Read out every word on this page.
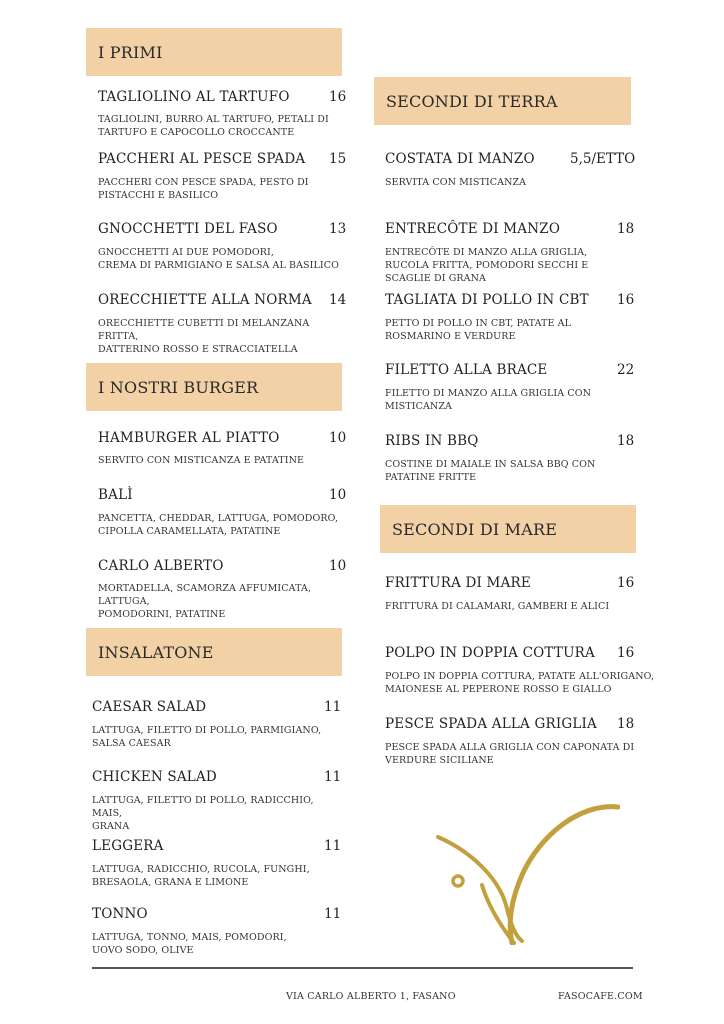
I PRIMI
SECONDI DI TERRA
I NOSTRI BURGER
SECONDI DI MARE
INSALATONE
TAGLIOLINO AL TARTUFO	16
TAGLIOLINI, BURRO AL TARTUFO, PETALI DI
TARTUFO E CAPOCOLLO CROCCANTE
PACCHERI AL PESCE SPADA	15
PACCHERI CON PESCE SPADA, PESTO DI
PISTACCHI E BASILICO
GNOCCHETTI DEL FASO	13
GNOCCHETTI AI DUE POMODORI,
CREMA DI PARMIGIANO E SALSA AL BASILICO
ORECCHIETTE ALLA NORMA	14
ORECCHIETTE CUBETTI DI MELANZANA FRITTA,
DATTERINO ROSSO E STRACCIATELLA
HAMBURGER AL PIATTO	10
SERVITO CON MISTICANZA E PATATINE
BALÌ	10
PANCETTA, CHEDDAR, LATTUGA, POMODORO,
CIPOLLA CARAMELLATA, PATATINE
CARLO ALBERTO	10
MORTADELLA, SCAMORZA AFFUMICATA, LATTUGA,
POMODORINI, PATATINE
CAESAR SALAD	11
LATTUGA, FILETTO DI POLLO, PARMIGIANO,
SALSA CAESAR
CHICKEN SALAD	11
LATTUGA, FILETTO DI POLLO, RADICCHIO, MAIS,
GRANA
LEGGERA	11
LATTUGA, RADICCHIO, RUCOLA, FUNGHI,
BRESAOLA, GRANA E LIMONE
TONNO	11
LATTUGA, TONNO, MAIS, POMODORI,
UOVO SODO, OLIVE
COSTATA DI MANZO	5,5/ETTO
SERVITA CON MISTICANZA
ENTRECÔTE DI MANZO	18
ENTRECÔTE DI MANZO ALLA GRIGLIA,
RUCOLA FRITTA, POMODORI SECCHI E
SCAGLIE DI GRANA
TAGLIATA DI POLLO IN CBT	16
PETTO DI POLLO IN CBT, PATATE AL
ROSMARINO E VERDURE
FILETTO ALLA BRACE	22
FILETTO DI MANZO ALLA GRIGLIA CON
MISTICANZA
RIBS IN BBQ	18
COSTINE DI MAIALE IN SALSA BBQ CON
PATATINE FRITTE
FRITTURA DI MARE	16
FRITTURA DI CALAMARI, GAMBERI E ALICI
POLPO IN DOPPIA COTTURA	16
POLPO IN DOPPIA COTTURA, PATATE ALL'ORIGANO,
MAIONESE AL PEPERONE ROSSO E GIALLO
PESCE SPADA ALLA GRIGLIA	18
PESCE SPADA ALLA GRIGLIA CON CAPONATA DI
VERDURE SICILIANE
VIA CARLO ALBERTO 1, FASANO	FASOCAFE.COM
